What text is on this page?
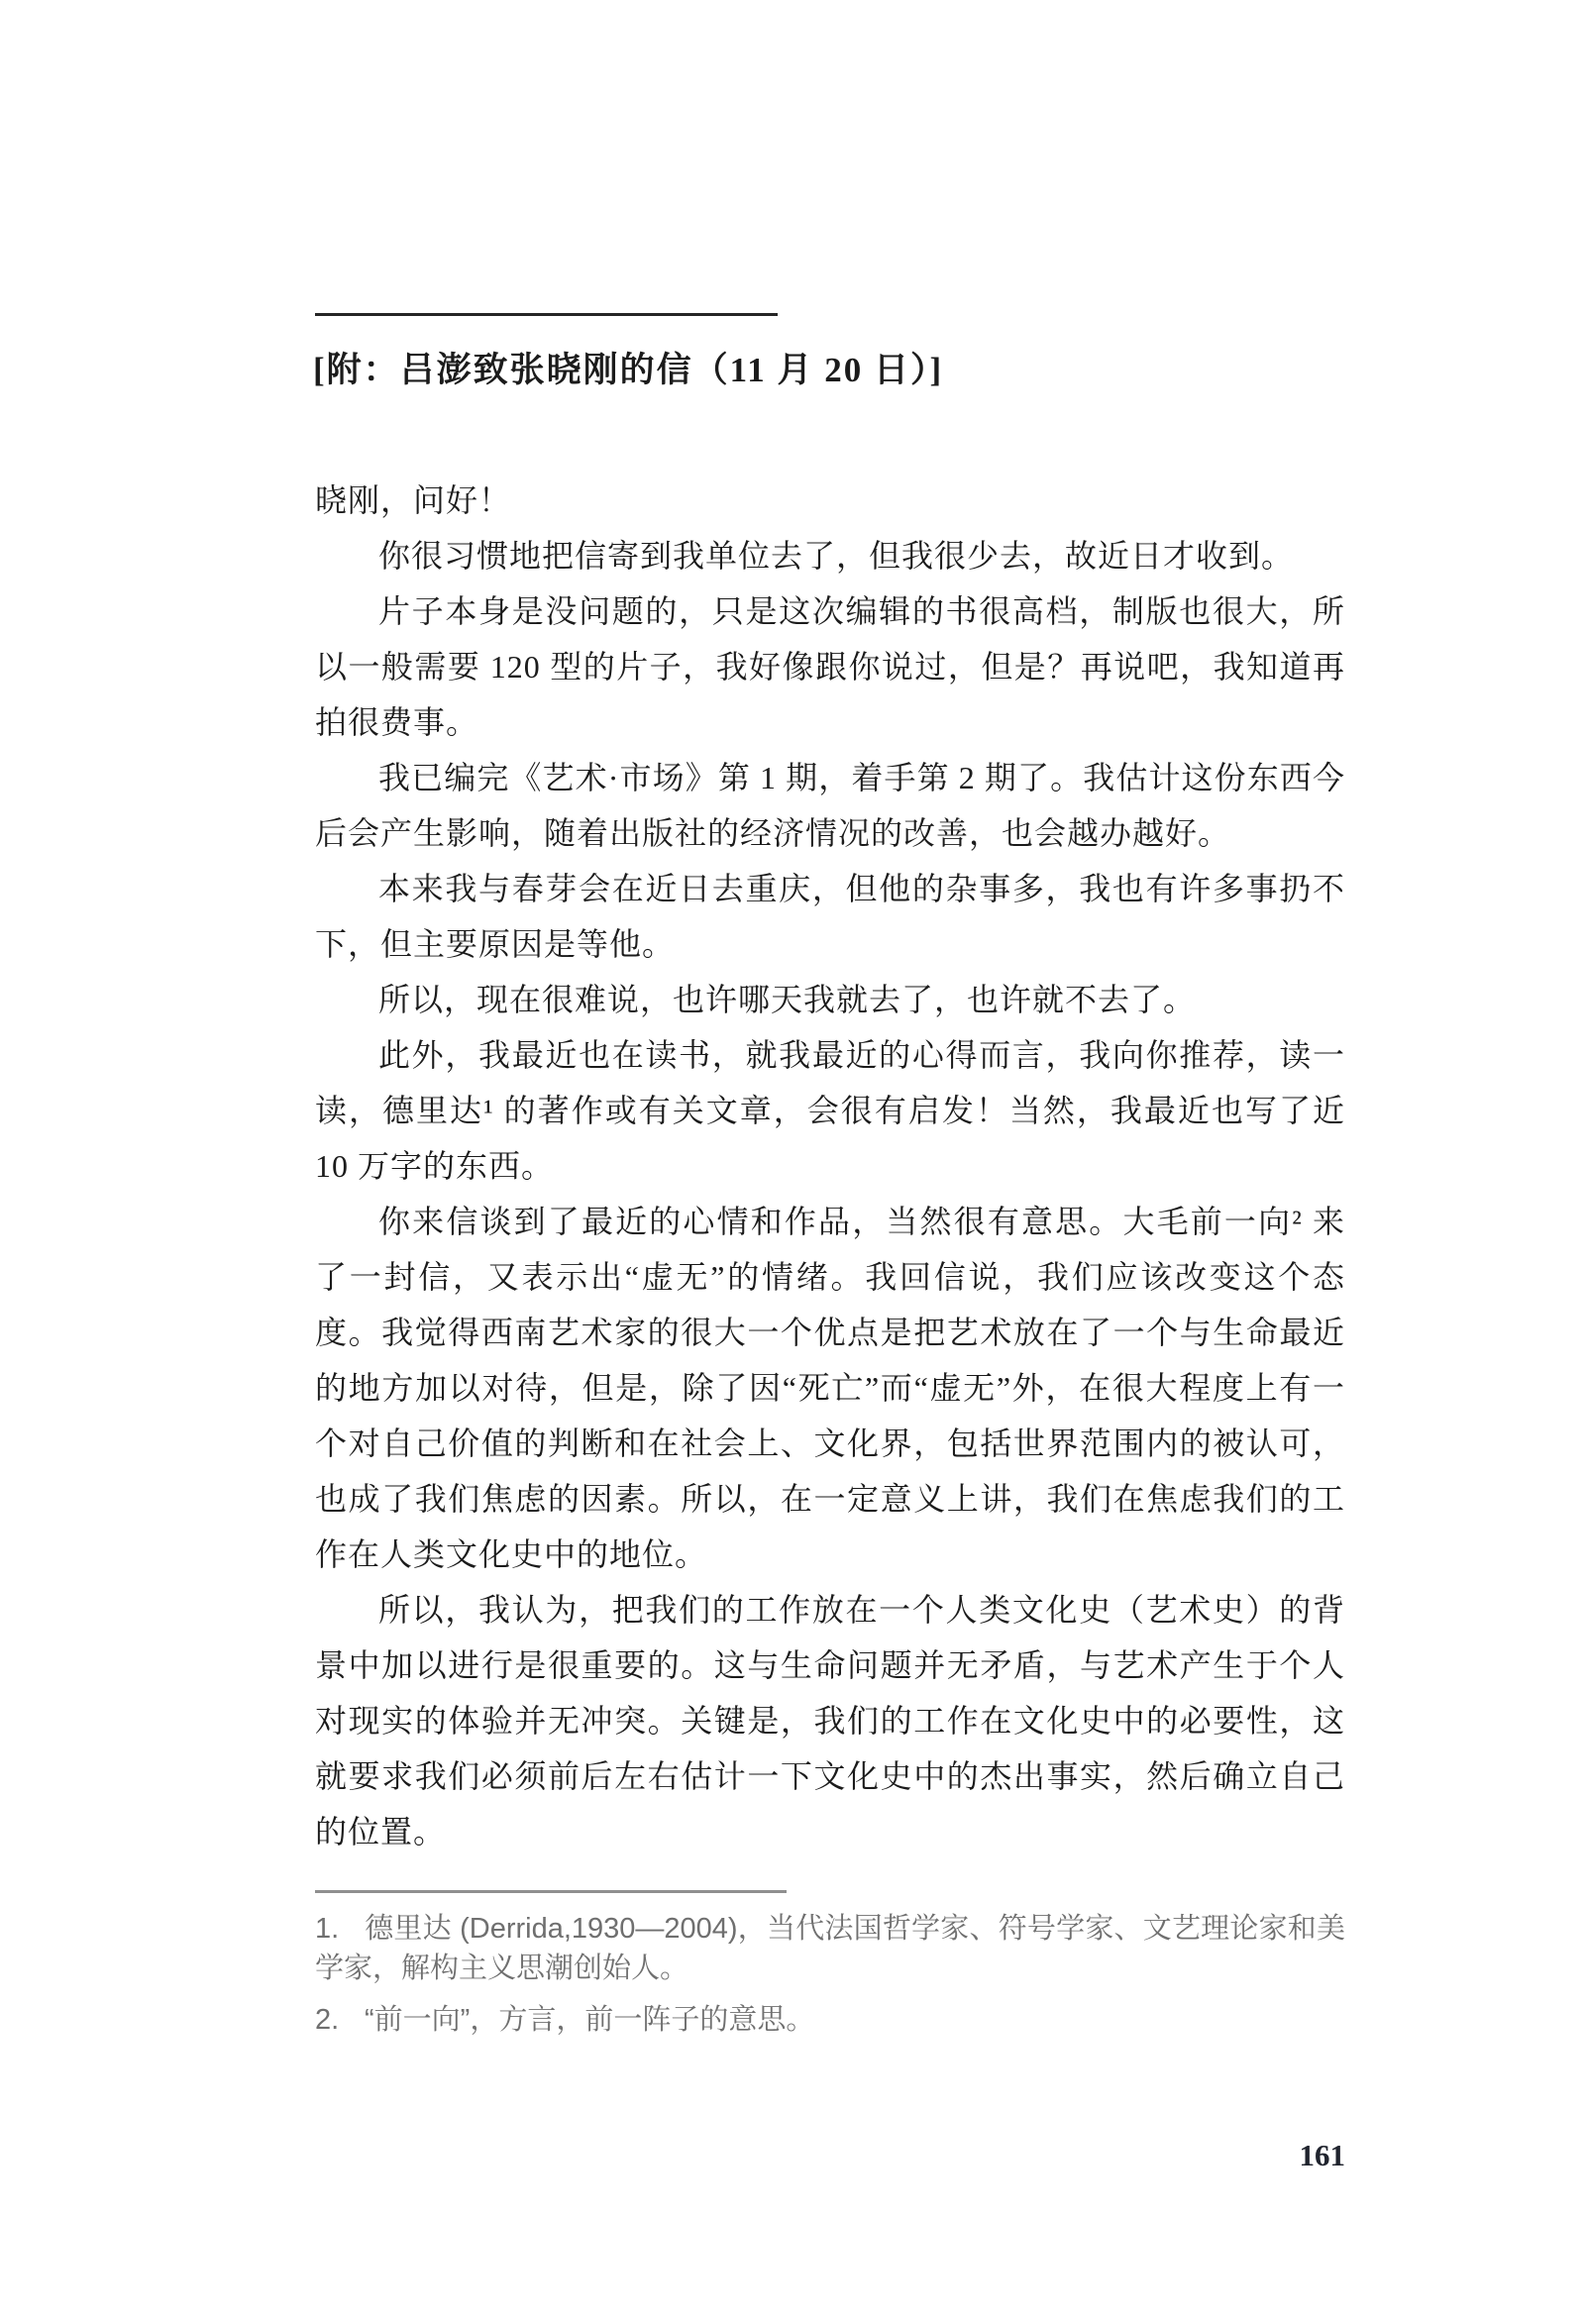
[附：吕澎致张晓刚的信（11 月 20 日）]

晓刚，问好！

你很习惯地把信寄到我单位去了，但我很少去，故近日才收到。

片子本身是没问题的，只是这次编辑的书很高档，制版也很大，所以一般需要 120 型的片子，我好像跟你说过，但是？再说吧，我知道再拍很费事。

我已编完《艺术·市场》第 1 期，着手第 2 期了。我估计这份东西今后会产生影响，随着出版社的经济情况的改善，也会越办越好。

本来我与春芽会在近日去重庆，但他的杂事多，我也有许多事扔不下，但主要原因是等他。

所以，现在很难说，也许哪天我就去了，也许就不去了。

此外，我最近也在读书，就我最近的心得而言，我向你推荐，读一读，德里达¹ 的著作或有关文章，会很有启发！当然，我最近也写了近 10 万字的东西。

你来信谈到了最近的心情和作品，当然很有意思。大毛前一向² 来了一封信，又表示出“虚无”的情绪。我回信说，我们应该改变这个态度。我觉得西南艺术家的很大一个优点是把艺术放在了一个与生命最近的地方加以对待，但是，除了因“死亡”而“虚无”外，在很大程度上有一个对自己价值的判断和在社会上、文化界，包括世界范围内的被认可，也成了我们焦虑的因素。所以，在一定意义上讲，我们在焦虑我们的工作在人类文化史中的地位。

所以，我认为，把我们的工作放在一个人类文化史（艺术史）的背景中加以进行是很重要的。这与生命问题并无矛盾，与艺术产生于个人对现实的体验并无冲突。关键是，我们的工作在文化史中的必要性，这就要求我们必须前后左右估计一下文化史中的杰出事实，然后确立自己的位置。

1. 德里达 (Derrida,1930—2004)，当代法国哲学家、符号学家、文艺理论家和美学家，解构主义思潮创始人。

2. “前一向”，方言，前一阵子的意思。

161
